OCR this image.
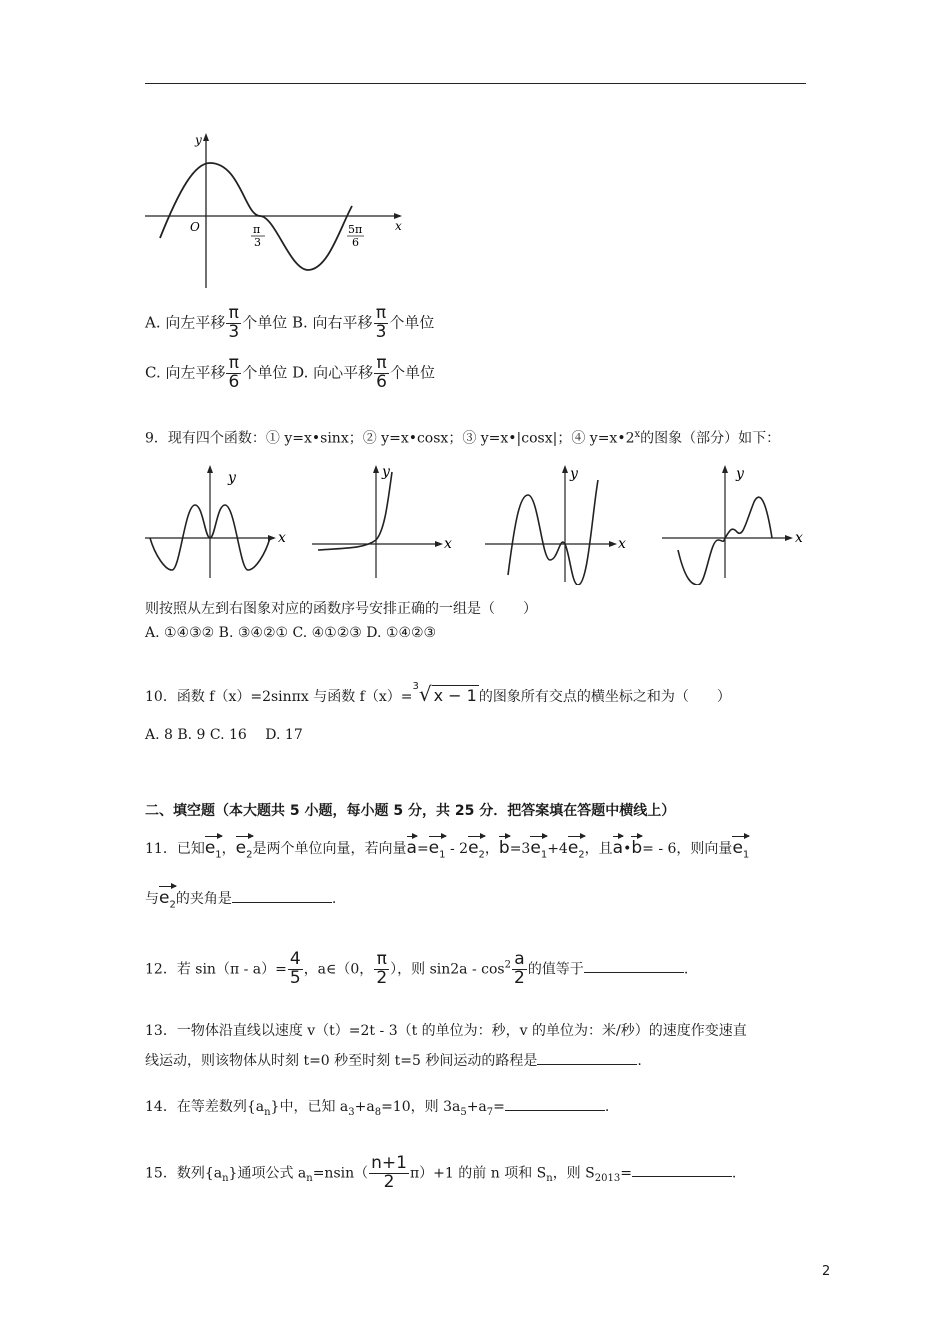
y
x
O	π
3
5π
6
A. 向左平移 $\frac{\pi}{3}$ 个单位 B. 向右平移 $\frac{\pi}{3}$ 个单位
C. 向左平移 $\frac{\pi}{6}$ 个单位 D. 向心平移 $\frac{\pi}{6}$ 个单位
9．现有四个函数：① y=x•sinx；② y=x•cosx；③ y=x•|cosx|；④ $y=x•2^x$的图象（部分）如下：
y
x
y
x
y
x
y
x
则按照从左到右图象对应的函数序号安排正确的一组是（　　）
A. ①④③② B. ③④②① C. ④①②③ D. ①④②③
10．函数 f（x）=2sinπx 与函数 f（x）=$^3$√ x − 1 的图象所有交点的横坐标之和为（　　）
A. 8 B. 9 C. 16　 D. 17
二、填空题（本大题共 5 小题，每小题 5 分，共 25 分．把答案填在答题中横线上）
11．已知$e_1$，$e_2$是两个单位向量，若向量$a=e_1 - 2e_2$，$b=3e_1+4e_2$，且a•b= - 6，则向量$e_1$
与$e_2$的夹角是	.
12．若 $\sin(\pi - a)= \frac{4}{5}$ ，a∈（0， $\frac{\pi}{2}$ ），则 $\sin 2a - \cos^2 \frac{a}{2}$ 的值等于	.
13．一物体沿直线以速度 v（t）=2t - 3（t 的单位为：秒，v 的单位为：米/秒）的速度作变速直
线运动，则该物体从时刻 t=0 秒至时刻 t=5 秒间运动的路程是	.
14．在等差数列$\{a_n\}$中，已知 $a_3+a_8=10$，则 $3a_5+a_7=$	.
15．数列$\{a_n\}$通项公式 $a_n=nsin( \frac{n+1}{2} \pi)+1$ 的前 n 项和 $S_n$，则 $S_{2013}=$	.
2
